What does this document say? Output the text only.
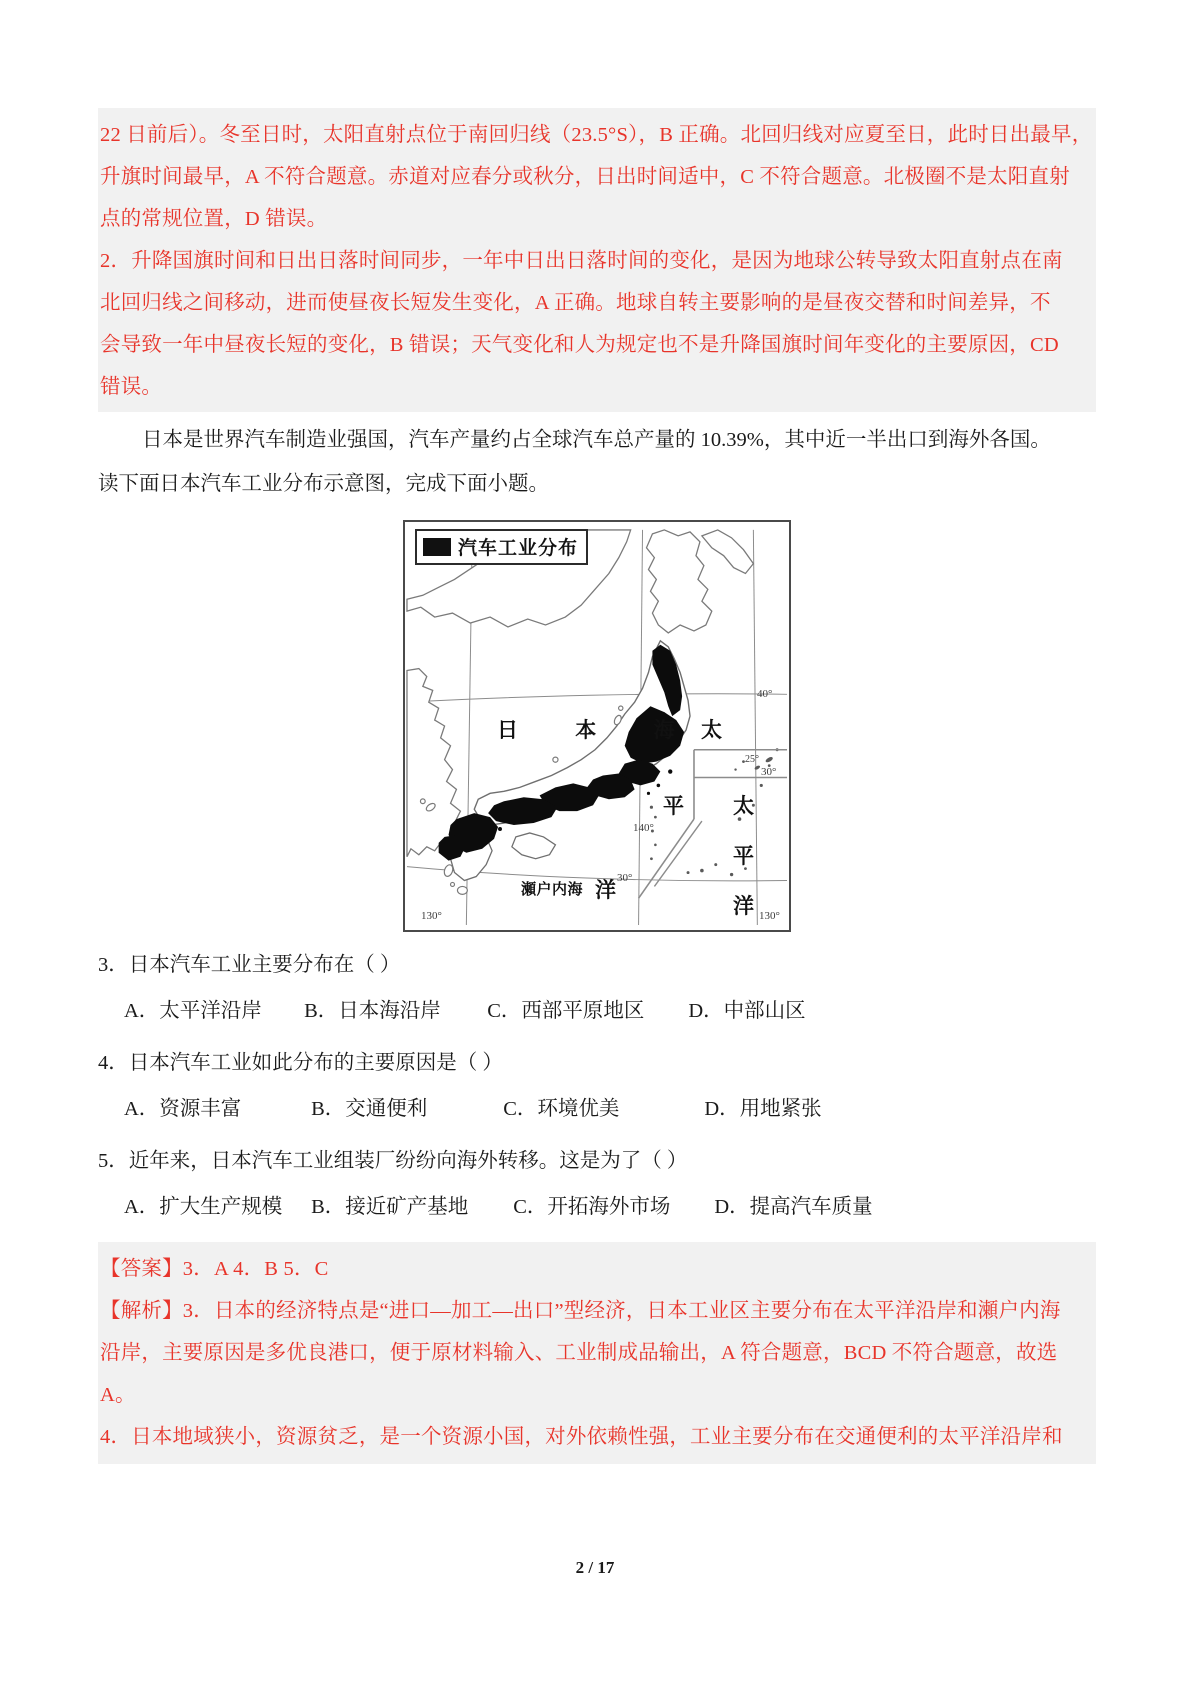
22 日前后）。冬至日时，太阳直射点位于南回归线（23.5°S），B 正确。北回归线对应夏至日，此时日出最早，

升旗时间最早，A 不符合题意。赤道对应春分或秋分，日出时间适中，C 不符合题意。北极圈不是太阳直射

点的常规位置，D 错误。

2．升降国旗时间和日出日落时间同步，一年中日出日落时间的变化，是因为地球公转导致太阳直射点在南

北回归线之间移动，进而使昼夜长短发生变化，A 正确。地球自转主要影响的是昼夜交替和时间差异，不

会导致一年中昼夜长短的变化，B 错误；天气变化和人为规定也不是升降国旗时间年变化的主要原因，CD

错误。

日本是世界汽车制造业强国，汽车产量约占全球汽车总产量的 10.39%，其中近一半出口到海外各国。

读下面日本汽车工业分布示意图，完成下面小题。

汽车工业分布
日 本 海 太
平 太
平
洋
洋
瀬户内海
40°
30°
25°
30°
130°
140°
130°

3．日本汽车工业主要分布在（ ）

A．太平洋沿岸 B．日本海沿岸 C．西部平原地区 D．中部山区

4．日本汽车工业如此分布的主要原因是（ ）

A．资源丰富	B．交通便利	C．环境优美	D．用地紧张

5．近年来，日本汽车工业组装厂纷纷向海外转移。这是为了（ ）

A．扩大生产规模 B．接近矿产基地 C．开拓海外市场 D．提高汽车质量

【答案】3．A 4．B 5．C

【解析】3．日本的经济特点是“进口—加工—出口”型经济，日本工业区主要分布在太平洋沿岸和瀬户内海

沿岸，主要原因是多优良港口，便于原材料输入、工业制成品输出，A 符合题意，BCD 不符合题意，故选

A。

4．日本地域狭小，资源贫乏，是一个资源小国，对外依赖性强，工业主要分布在交通便利的太平洋沿岸和

2 / 17
